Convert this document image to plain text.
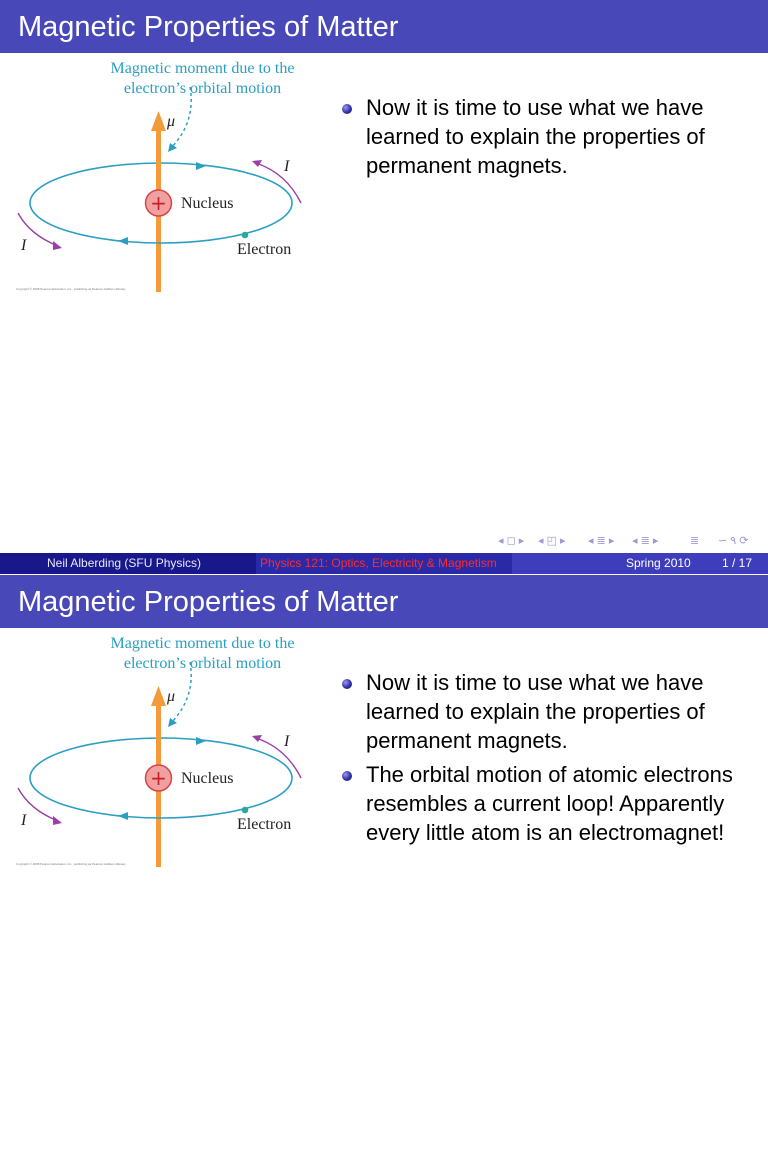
Magnetic Properties of Matter
+
Magnetic moment due to the
electron’s orbital motion
μ⃗
Nucleus
Electron
I
I
Copyright © 2008 Pearson Education, Inc., publishing as Pearson Addison-Wesley.
Now it is time to use what we have learned to explain the properties of permanent magnets.
◂ ◻ ▸ ◂ ◰ ▸ ◂ ≣ ▸ ◂ ≣ ▸	≣ ∽ ۹ ⟳
Neil Alberding (SFU Physics)	Physics 121: Optics, Electricity & Magnetism	Spring 2010	1 / 17
Magnetic Properties of Matter
+
Magnetic moment due to the
electron’s orbital motion
μ⃗
Nucleus
Electron
I
I
Copyright © 2008 Pearson Education, Inc., publishing as Pearson Addison-Wesley.
Now it is time to use what we have learned to explain the properties of permanent magnets.
The orbital motion of atomic electrons resembles a current loop! Apparently every little atom is an electromagnet!
